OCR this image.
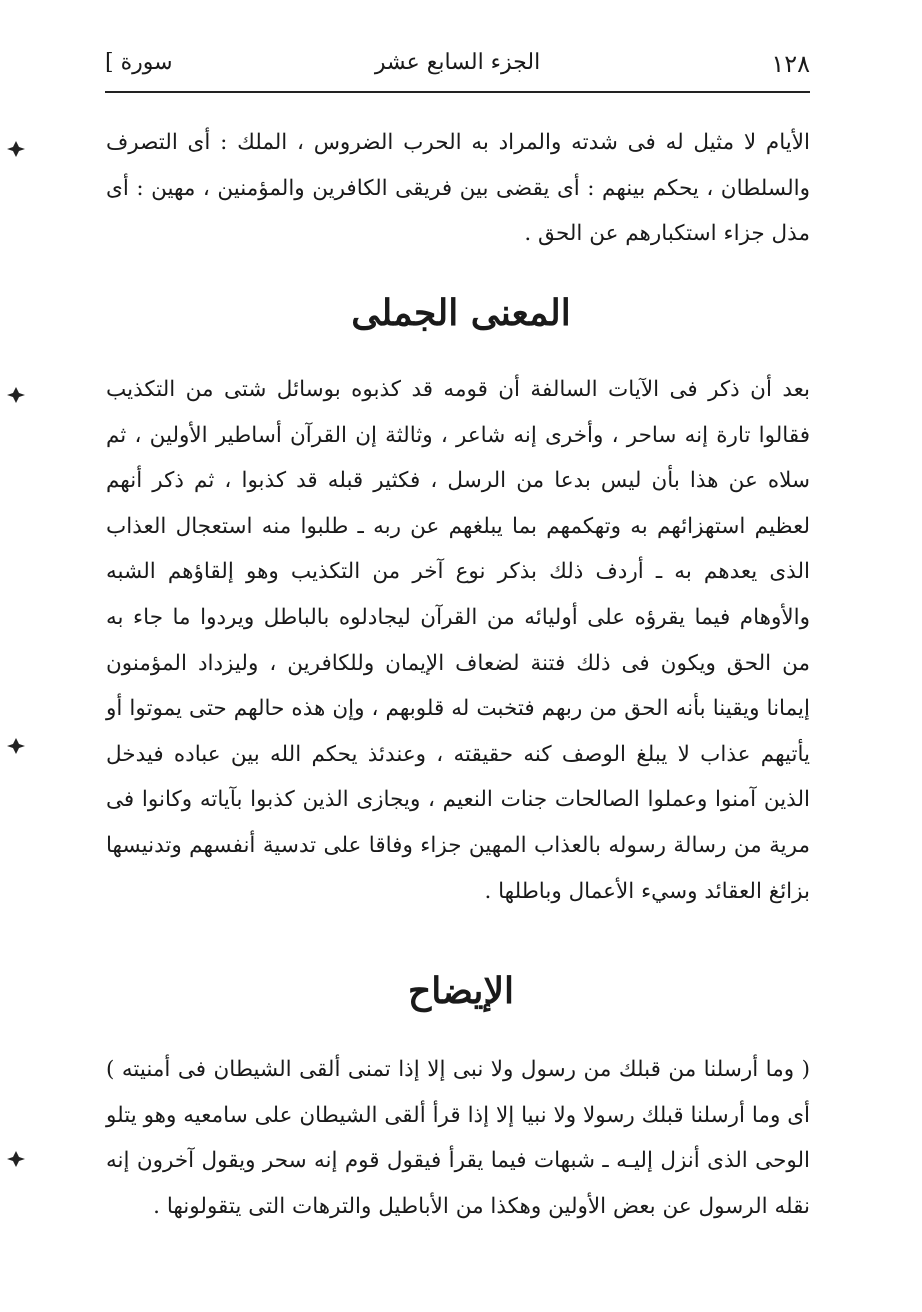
١٢٨
الجزء السابع عشر
سورة ]

الأيام لا مثيل له فى شدته والمراد به الحرب الضروس ، الملك : أى التصرف والسلطان ، يحكم بينهم : أى يقضى بين فريقى الكافرين والمؤمنين ، مهين : أى مذل جزاء استكبارهم عن الحق .

المعنى الجملى

بعد أن ذكر فى الآيات السالفة أن قومه قد كذبوه بوسائل شتى من التكذيب فقالوا تارة إنه ساحر ، وأخرى إنه شاعر ، وثالثة إن القرآن أساطير الأولين ، ثم سلاه عن هذا بأن ليس بدعا من الرسل ، فكثير قبله قد كذبوا ، ثم ذكر أنهم لعظيم استهزائهم به وتهكمهم بما يبلغهم عن ربه ـ طلبوا منه استعجال العذاب الذى يعدهم به ـ أردف ذلك بذكر نوع آخر من التكذيب وهو إلقاؤهم الشبه والأوهام فيما يقرؤه على أوليائه من القرآن ليجادلوه بالباطل ويردوا ما جاء به من الحق ويكون فى ذلك فتنة لضعاف الإيمان وللكافرين ، وليزداد المؤمنون إيمانا ويقينا بأنه الحق من ربهم فتخبت له قلوبهم ، وإن هذه حالهم حتى يموتوا أو يأتيهم عذاب لا يبلغ الوصف كنه حقيقته ، وعندئذ يحكم الله بين عباده فيدخل الذين آمنوا وعملوا الصالحات جنات النعيم ، ويجازى الذين كذبوا بآياته وكانوا فى مرية من رسالة رسوله بالعذاب المهين جزاء وفاقا على تدسية أنفسهم وتدنيسها بزائغ العقائد وسيء الأعمال وباطلها .

الإيضاح

( وما أرسلنا من قبلك من رسول ولا نبى إلا إذا تمنى ألقى الشيطان فى أمنيته ) أى وما أرسلنا قبلك رسولا ولا نبيا إلا إذا قرأ ألقى الشيطان على سامعيه وهو يتلو الوحى الذى أنزل إليـه ـ شبهات فيما يقرأ فيقول قوم إنه سحر ويقول آخرون إنه نقله الرسول عن بعض الأولين وهكذا من الأباطيل والترهات التى يتقولونها .
